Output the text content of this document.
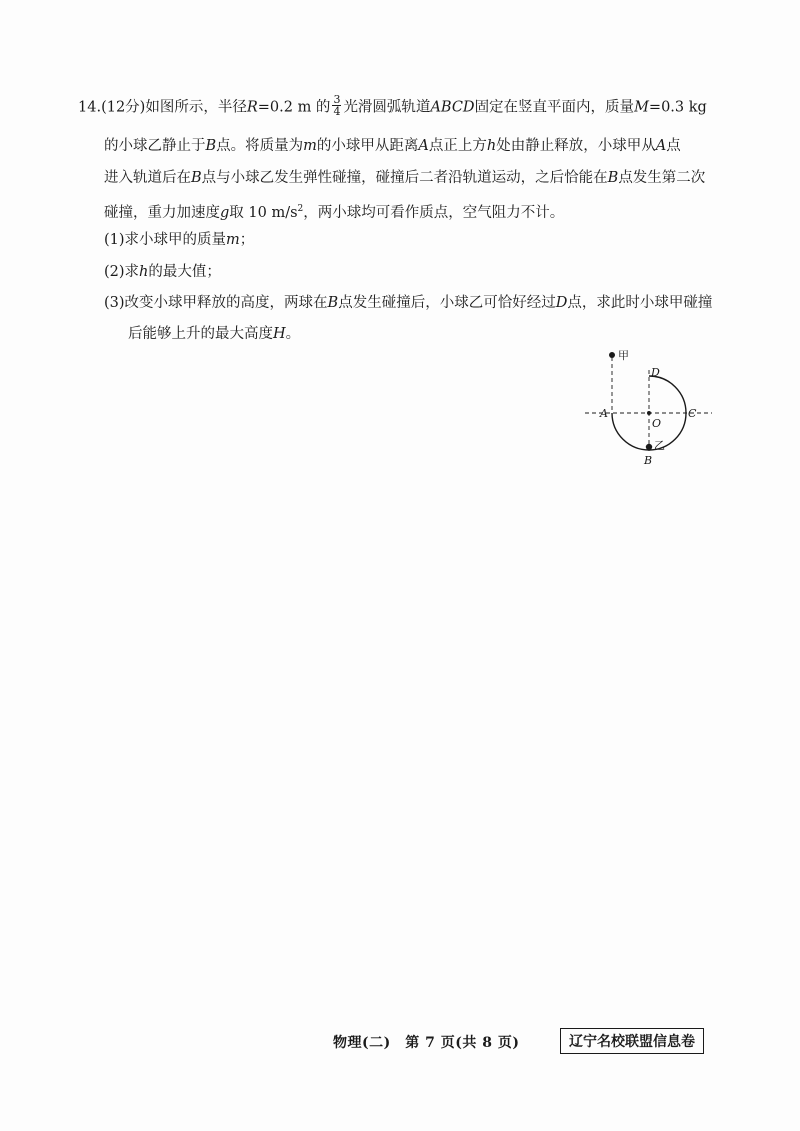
14.(12分)如图所示，半径R=0.2 m 的 $\frac{3}{4}$ 光滑圆弧轨道ABCD固定在竖直平面内，质量M=0.3 kg
的小球乙静止于B点。将质量为m的小球甲从距离A点正上方h处由静止释放，小球甲从A点
进入轨道后在B点与小球乙发生弹性碰撞，碰撞后二者沿轨道运动，之后恰能在B点发生第二次
碰撞，重力加速度g取 10 $m/s^2$，两小球均可看作质点，空气阻力不计。
(1)求小球甲的质量m；
(2)求h的最大值；
(3)改变小球甲释放的高度，两球在B点发生碰撞后，小球乙可恰好经过D点，求此时小球甲碰撞
后能够上升的最大高度H。
甲
O
乙
A	C
D
B
物理(二)　第 7 页(共 8 页)	辽宁名校联盟信息卷
